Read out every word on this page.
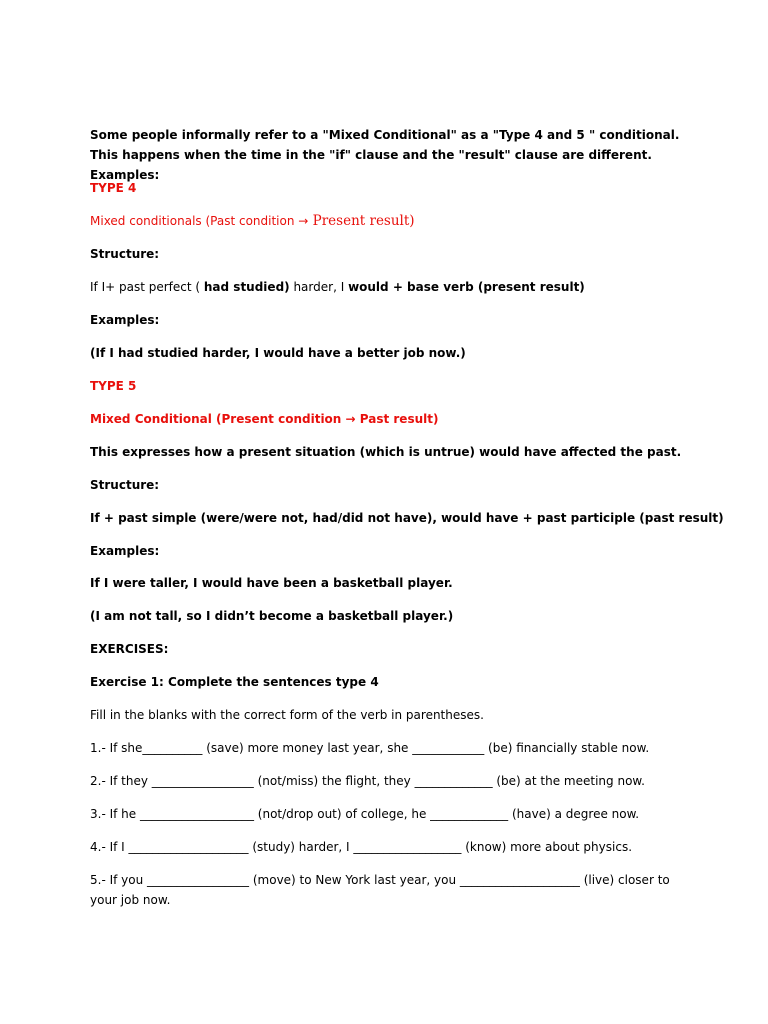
Some people informally refer to a "Mixed Conditional" as a "Type 4 and 5 " conditional. This happens when the time in the "if" clause and the "result" clause are different. Examples:

TYPE 4

Mixed conditionals (Past condition → Present result)

Structure:

If I+ past perfect ( had studied) harder, I would + base verb (present result)

Examples:

(If I had studied harder, I would have a better job now.)

TYPE 5

Mixed Conditional (Present condition → Past result)

This expresses how a present situation (which is untrue) would have affected the past.

Structure:

If + past simple (were/were not, had/did not have), would have + past participle (past result)

Examples:

If I were taller, I would have been a basketball player.

(I am not tall, so I didn’t become a basketball player.)

EXERCISES:

Exercise 1: Complete the sentences type 4

Fill in the blanks with the correct form of the verb in parentheses.

1.- If she__________ (save) more money last year, she ____________ (be) financially stable now.

2.- If they _________________ (not/miss) the flight, they _____________ (be) at the meeting now.

3.- If he ___________________ (not/drop out) of college, he _____________ (have) a degree now.

4.- If I ____________________ (study) harder, I __________________ (know) more about physics.

5.- If you _________________ (move) to New York last year, you ____________________ (live) closer to your job now.
